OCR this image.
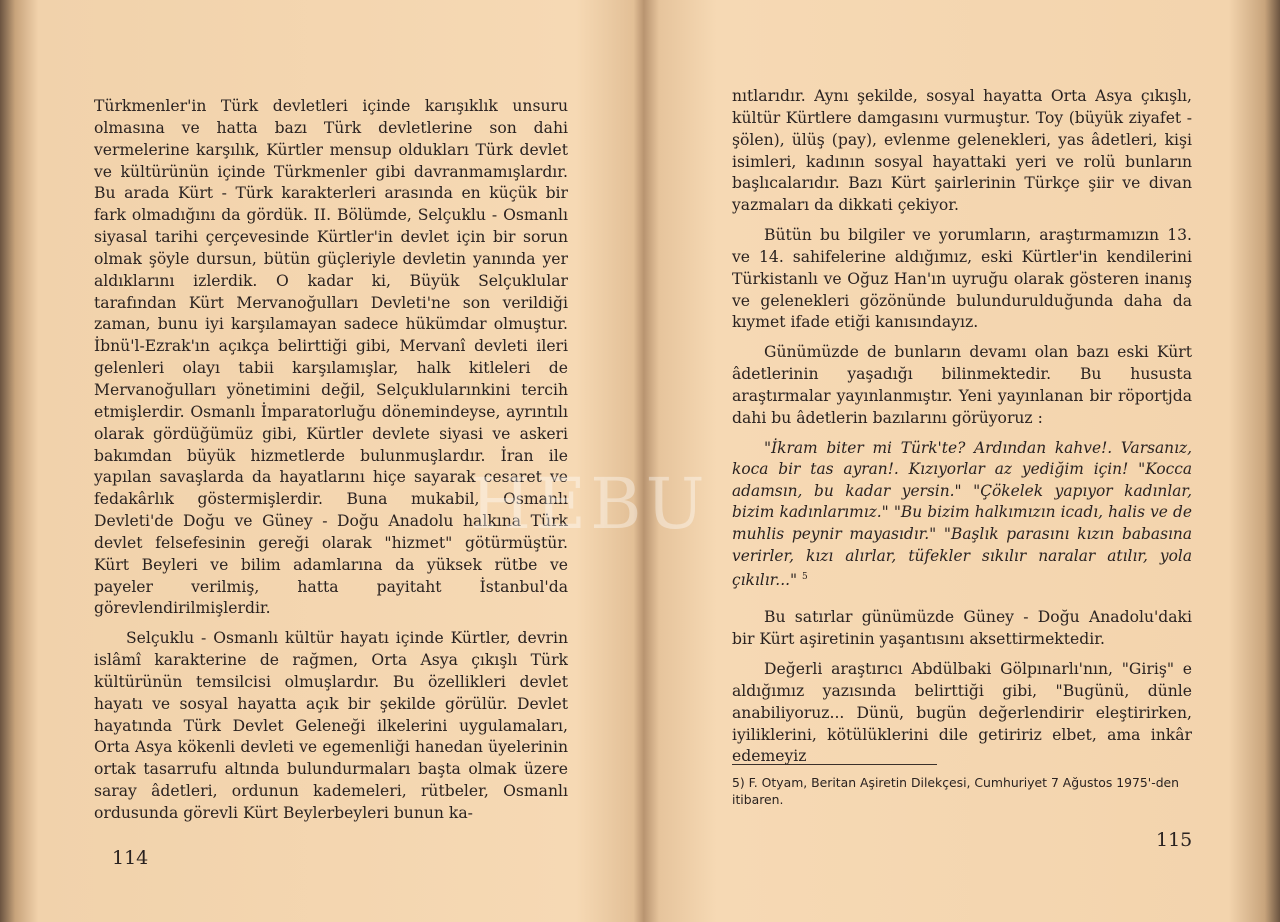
Türkmenler'in Türk devletleri içinde karışıklık unsuru olmasına ve hatta bazı Türk devletlerine son dahi vermelerine karşılık, Kürtler mensup oldukları Türk devlet ve kültürünün içinde Türkmenler gibi davranmamışlardır. Bu arada Kürt - Türk karakterleri arasında en küçük bir fark olmadığını da gördük. II. Bölümde, Selçuklu - Osmanlı siyasal tarihi çerçevesinde Kürtler'in devlet için bir sorun olmak şöyle dursun, bütün güçleriyle devletin yanında yer aldıklarını izlerdik. O kadar ki, Büyük Selçuklular tarafından Kürt Mervanoğulları Devleti'ne son verildiği zaman, bunu iyi karşılamayan sadece hükümdar olmuştur. İbnü'l-Ezrak'ın açıkça belirttiği gibi, Mervanî devleti ileri gelenleri olayı tabii karşılamışlar, halk kitleleri de Mervanoğulları yönetimini değil, Selçuklularınkini tercih etmişlerdir. Osmanlı İmparatorluğu dönemindeyse, ayrıntılı olarak gördüğümüz gibi, Kürtler devlete siyasi ve askeri bakımdan büyük hizmetlerde bulunmuşlardır. İran ile yapılan savaşlarda da hayatlarını hiçe sayarak cesaret ve fedakârlık göstermişlerdir. Buna mukabil, Osmanlı Devleti'de Doğu ve Güney - Doğu Anadolu halkına Türk devlet felsefesinin gereği olarak "hizmet" götürmüştür. Kürt Beyleri ve bilim adamlarına da yüksek rütbe ve payeler verilmiş, hatta payitaht İstanbul'da görevlendirilmişlerdir.

Selçuklu - Osmanlı kültür hayatı içinde Kürtler, devrin islâmî karakterine de rağmen, Orta Asya çıkışlı Türk kültürünün temsilcisi olmuşlardır. Bu özellikleri devlet hayatı ve sosyal hayatta açık bir şekilde görülür. Devlet hayatında Türk Devlet Geleneği ilkelerini uygulamaları, Orta Asya kökenli devleti ve egemenliği hanedan üyelerinin ortak tasarrufu altında bulundurmaları başta olmak üzere saray âdetleri, ordunun kademeleri, rütbeler, Osmanlı ordusunda görevli Kürt Beylerbeyleri bunun ka-

114

nıtlarıdır. Aynı şekilde, sosyal hayatta Orta Asya çıkışlı, kültür Kürtlere damgasını vurmuştur. Toy (büyük ziyafet - şölen), ülüş (pay), evlenme gelenekleri, yas âdetleri, kişi isimleri, kadının sosyal hayattaki yeri ve rolü bunların başlıcalarıdır. Bazı Kürt şairlerinin Türkçe şiir ve divan yazmaları da dikkati çekiyor.

Bütün bu bilgiler ve yorumların, araştırmamızın 13. ve 14. sahifelerine aldığımız, eski Kürtler'in kendilerini Türkistanlı ve Oğuz Han'ın uyruğu olarak gösteren inanış ve gelenekleri gözönünde bulundurulduğunda daha da kıymet ifade etiği kanısındayız.

Günümüzde de bunların devamı olan bazı eski Kürt âdetlerinin yaşadığı bilinmektedir. Bu hususta araştırmalar yayınlanmıştır. Yeni yayınlanan bir röportjda dahi bu âdetlerin bazılarını görüyoruz :

"İkram biter mi Türk'te? Ardından kahve!. Varsanız, koca bir tas ayran!. Kızıyorlar az yediğim için! "Kocca adamsın, bu kadar yersin." "Çökelek yapıyor kadınlar, bizim kadınlarımız." "Bu bizim halkımızın icadı, halis ve de muhlis peynir mayasıdır." "Başlık parasını kızın babasına verirler, kızı alırlar, tüfekler sıkılır naralar atılır, yola çıkılır..." $^5$

Bu satırlar günümüzde Güney - Doğu Anadolu'daki bir Kürt aşiretinin yaşantısını aksettirmektedir.

Değerli araştırıcı Abdülbaki Gölpınarlı'nın, "Giriş" e aldığımız yazısında belirttiği gibi, "Bugünü, dünle anabiliyoruz... Dünü, bugün değerlendirir eleştirirken, iyiliklerini, kötülüklerini dile getiririz elbet, ama inkâr edemeyiz

5) F. Otyam, Beritan Aşiretin Dilekçesi, Cumhuriyet 7 Ağustos 1975'-den itibaren.
115
HEBU
